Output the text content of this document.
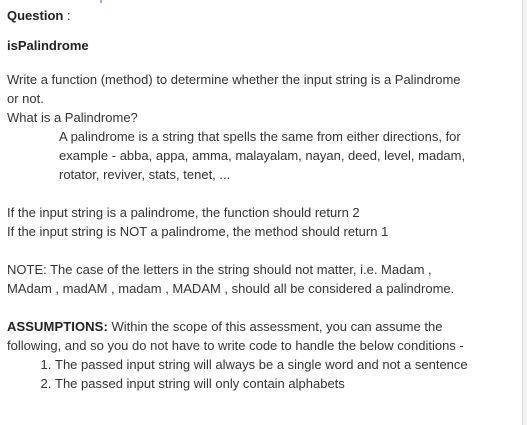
Question :
isPalindrome

Write a function (method) to determine whether the input string is a Palindrome

or not.

What is a Palindrome?

A palindrome is a string that spells the same from either directions, for

example - abba, appa, amma, malayalam, nayan, deed, level, madam,

rotator, reviver, stats, tenet, ...

If the input string is a palindrome, the function should return 2

If the input string is NOT a palindrome, the method should return 1

NOTE: The case of the letters in the string should not matter, i.e. Madam ,

MAdam , madAM , madam , MADAM , should all be considered a palindrome.

ASSUMPTIONS: Within the scope of this assessment, you can assume the

following, and so you do not have to write code to handle the below conditions -

1. The passed input string will always be a single word and not a sentence
2. The passed input string will only contain alphabets
